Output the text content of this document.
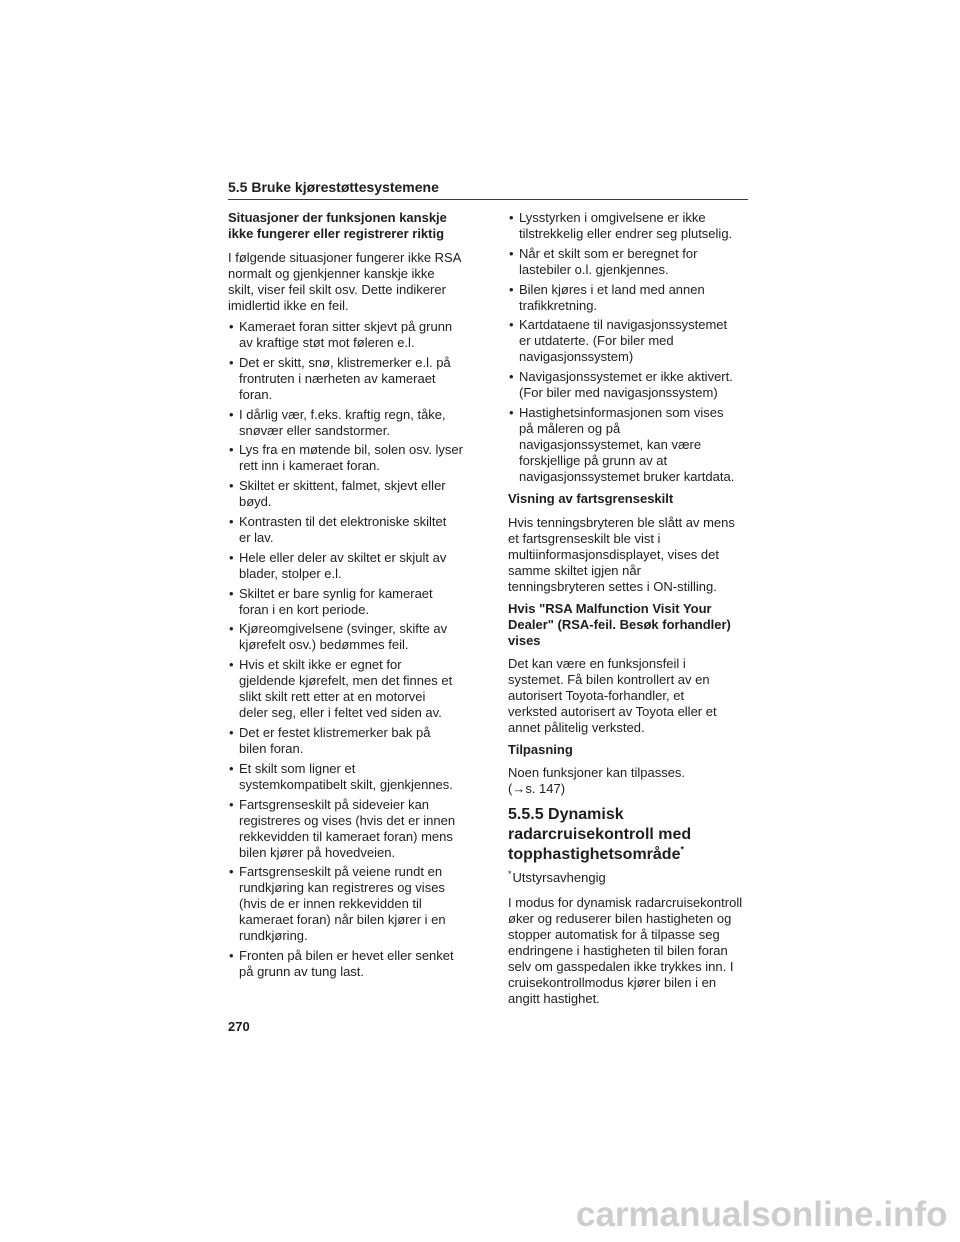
5.5 Bruke kjørestøttesystemene
Situasjoner der funksjonen kanskje
ikke fungerer eller registrerer riktig

I følgende situasjoner fungerer ikke RSA
normalt og gjenkjenner kanskje ikke
skilt, viser feil skilt osv. Dette indikerer
imidlertid ikke en feil.

• Kameraet foran sitter skjevt på grunn
av kraftige støt mot føleren e.l.
• Det er skitt, snø, klistremerker e.l. på
frontruten i nærheten av kameraet
foran.
• I dårlig vær, f.eks. kraftig regn, tåke,
snøvær eller sandstormer.
• Lys fra en møtende bil, solen osv. lyser
rett inn i kameraet foran.
• Skiltet er skittent, falmet, skjevt eller
bøyd.
• Kontrasten til det elektroniske skiltet
er lav.
• Hele eller deler av skiltet er skjult av
blader, stolper e.l.
• Skiltet er bare synlig for kameraet
foran i en kort periode.
• Kjøreomgivelsene (svinger, skifte av
kjørefelt osv.) bedømmes feil.
• Hvis et skilt ikke er egnet for
gjeldende kjørefelt, men det finnes et
slikt skilt rett etter at en motorvei
deler seg, eller i feltet ved siden av.
• Det er festet klistremerker bak på
bilen foran.
• Et skilt som ligner et
systemkompatibelt skilt, gjenkjennes.
• Fartsgrenseskilt på sideveier kan
registreres og vises (hvis det er innen
rekkevidden til kameraet foran) mens
bilen kjører på hovedveien.
• Fartsgrenseskilt på veiene rundt en
rundkjøring kan registreres og vises
(hvis de er innen rekkevidden til
kameraet foran) når bilen kjører i en
rundkjøring.
• Fronten på bilen er hevet eller senket
på grunn av tung last.
• Lysstyrken i omgivelsene er ikke
tilstrekkelig eller endrer seg plutselig.
• Når et skilt som er beregnet for
lastebiler o.l. gjenkjennes.
• Bilen kjøres i et land med annen
trafikkretning.
• Kartdataene til navigasjonssystemet
er utdaterte. (For biler med
navigasjonssystem)
• Navigasjonssystemet er ikke aktivert.
(For biler med navigasjonssystem)
• Hastighetsinformasjonen som vises
på måleren og på
navigasjonssystemet, kan være
forskjellige på grunn av at
navigasjonssystemet bruker kartdata.
Visning av fartsgrenseskilt

Hvis tenningsbryteren ble slått av mens
et fartsgrenseskilt ble vist i
multiinformasjonsdisplayet, vises det
samme skiltet igjen når
tenningsbryteren settes i ON-stilling.

Hvis "RSA Malfunction Visit Your
Dealer" (RSA-feil. Besøk forhandler)
vises

Det kan være en funksjonsfeil i
systemet. Få bilen kontrollert av en
autorisert Toyota-forhandler, et
verksted autorisert av Toyota eller et
annet pålitelig verksted.

Tilpasning

Noen funksjoner kan tilpasses.
(→s. 147)

5.5.5 Dynamisk
radarcruisekontroll med
topphastighetsområde*
*Utstyrsavhengig

I modus for dynamisk radarcruisekontroll
øker og reduserer bilen hastigheten og
stopper automatisk for å tilpasse seg
endringene i hastigheten til bilen foran
selv om gasspedalen ikke trykkes inn. I
cruisekontrollmodus kjører bilen i en
angitt hastighet.

270
carmanualsonline.info
